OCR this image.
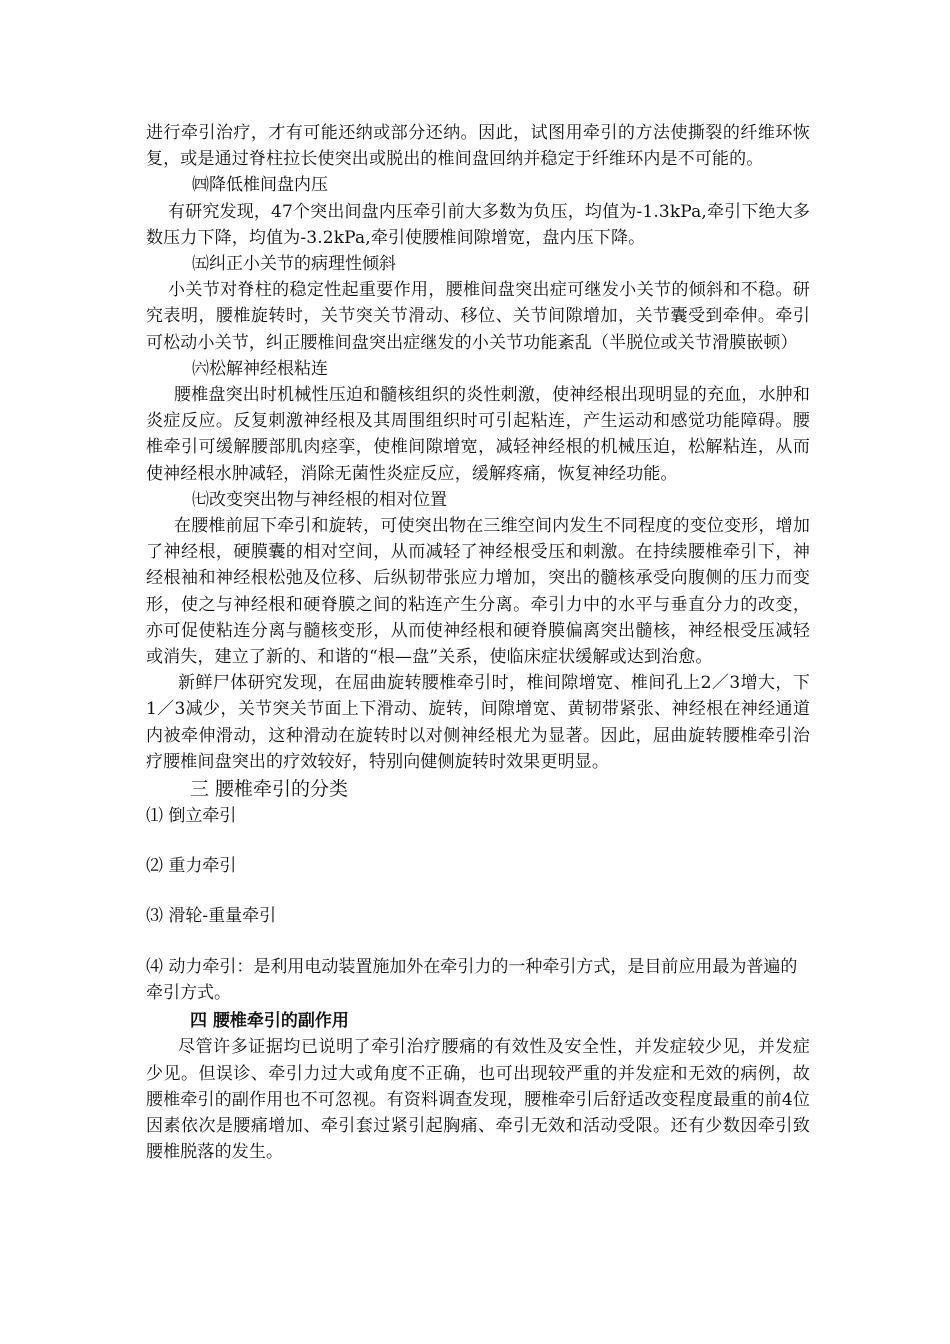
进行牵引治疗，才有可能还纳或部分还纳。因此，试图用牵引的方法使撕裂的纤维环恢复，或是通过脊柱拉长使突出或脱出的椎间盘回纳并稳定于纤维环内是不可能的。

㈣降低椎间盘内压

有研究发现，47个突出间盘内压牵引前大多数为负压，均值为-1.3kPa,牵引下绝大多数压力下降，均值为-3.2kPa,牵引使腰椎间隙增宽，盘内压下降。

㈤纠正小关节的病理性倾斜

小关节对脊柱的稳定性起重要作用，腰椎间盘突出症可继发小关节的倾斜和不稳。研究表明，腰椎旋转时，关节突关节滑动、移位、关节间隙增加，关节囊受到牵伸。牵引可松动小关节，纠正腰椎间盘突出症继发的小关节功能紊乱（半脱位或关节滑膜嵌顿）

㈥松解神经根粘连

腰椎盘突出时机械性压迫和髓核组织的炎性刺激，使神经根出现明显的充血，水肿和炎症反应。反复刺激神经根及其周围组织时可引起粘连，产生运动和感觉功能障碍。腰椎牵引可缓解腰部肌肉痉挛，使椎间隙增宽，减轻神经根的机械压迫，松解粘连，从而使神经根水肿减轻，消除无菌性炎症反应，缓解疼痛，恢复神经功能。

㈦改变突出物与神经根的相对位置

在腰椎前屈下牵引和旋转，可使突出物在三维空间内发生不同程度的变位变形，增加了神经根，硬膜囊的相对空间，从而减轻了神经根受压和刺激。在持续腰椎牵引下，神经根袖和神经根松弛及位移、后纵韧带张应力增加，突出的髓核承受向腹侧的压力而变形，使之与神经根和硬脊膜之间的粘连产生分离。牵引力中的水平与垂直分力的改变，亦可促使粘连分离与髓核变形，从而使神经根和硬脊膜偏离突出髓核，神经根受压减轻或消失，建立了新的、和谐的“根—盘”关系，使临床症状缓解或达到治愈。

新鲜尸体研究发现，在屈曲旋转腰椎牵引时，椎间隙增宽、椎间孔上2／3增大，下1／3减少，关节突关节面上下滑动、旋转，间隙增宽、黄韧带紧张、神经根在神经通道内被牵伸滑动，这种滑动在旋转时以对侧神经根尤为显著。因此，屈曲旋转腰椎牵引治疗腰椎间盘突出的疗效较好，特别向健侧旋转时效果更明显。

三 腰椎牵引的分类

⑴ 倒立牵引

⑵ 重力牵引

⑶ 滑轮-重量牵引

⑷ 动力牵引：是利用电动装置施加外在牵引力的一种牵引方式，是目前应用最为普遍的牵引方式。

四 腰椎牵引的副作用

尽管许多证据均已说明了牵引治疗腰痛的有效性及安全性，并发症较少见，并发症少见。但误诊、牵引力过大或角度不正确，也可出现较严重的并发症和无效的病例，故腰椎牵引的副作用也不可忽视。有资料调查发现，腰椎牵引后舒适改变程度最重的前4位因素依次是腰痛增加、牵引套过紧引起胸痛、牵引无效和活动受限。还有少数因牵引致腰椎脱落的发生。
